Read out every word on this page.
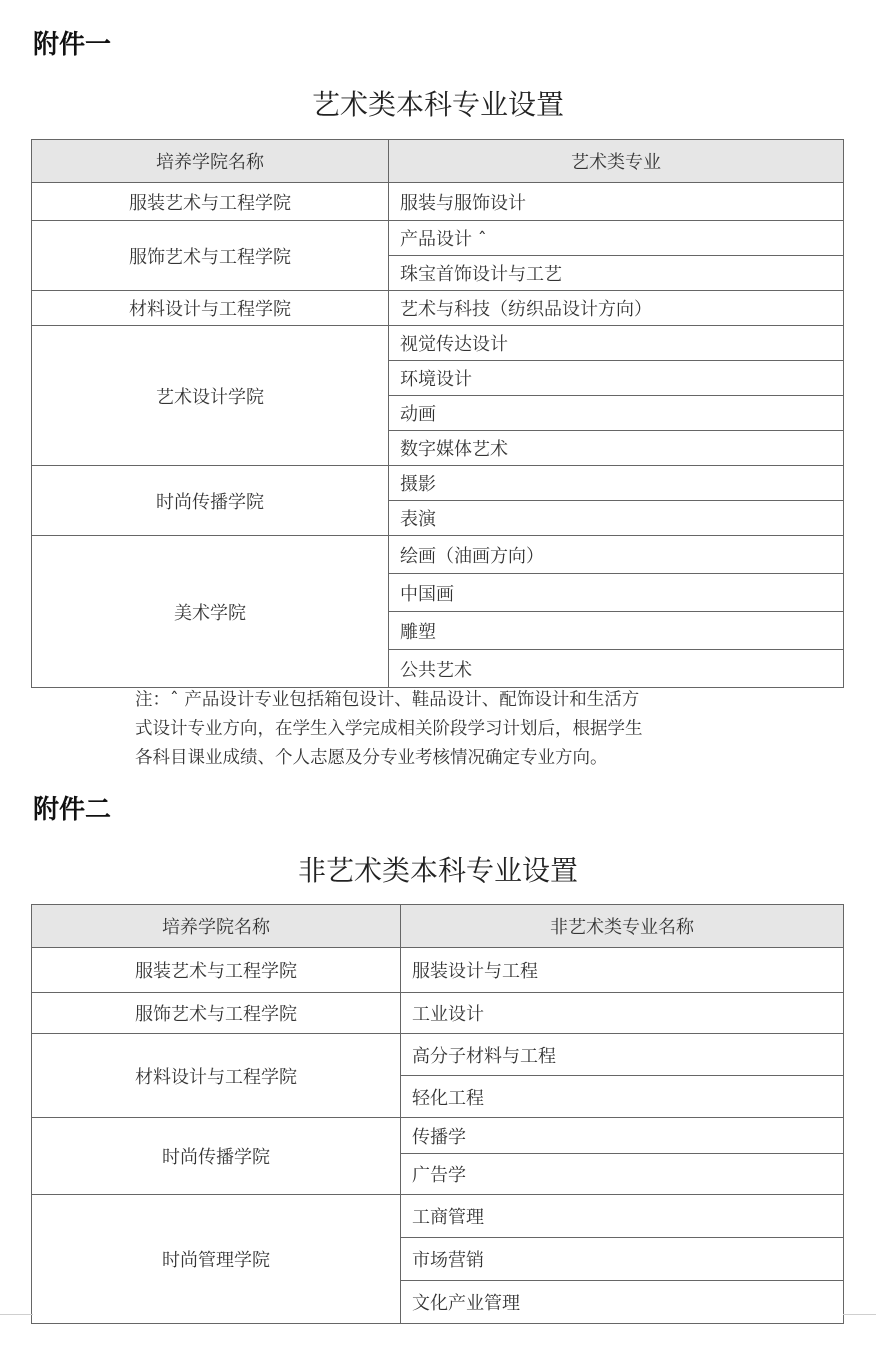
附件一
艺术类本科专业设置
培养学院名称	艺术类专业
服装艺术与工程学院	服装与服饰设计
服饰艺术与工程学院	产品设计 ˆ
	珠宝首饰设计与工艺
材料设计与工程学院	艺术与科技（纺织品设计方向）
艺术设计学院	视觉传达设计
	环境设计
	动画
	数字媒体艺术
时尚传播学院	摄影
	表演
美术学院	绘画（油画方向）
	中国画
	雕塑
	公共艺术
注：ˆ 产品设计专业包括箱包设计、鞋品设计、配饰设计和生活方
式设计专业方向，在学生入学完成相关阶段学习计划后，根据学生
各科目课业成绩、个人志愿及分专业考核情况确定专业方向。
附件二
非艺术类本科专业设置
培养学院名称	非艺术类专业名称
服装艺术与工程学院	服装设计与工程
服饰艺术与工程学院	工业设计
材料设计与工程学院	高分子材料与工程
	轻化工程
时尚传播学院	传播学
	广告学
时尚管理学院	工商管理
	市场营销
	文化产业管理
